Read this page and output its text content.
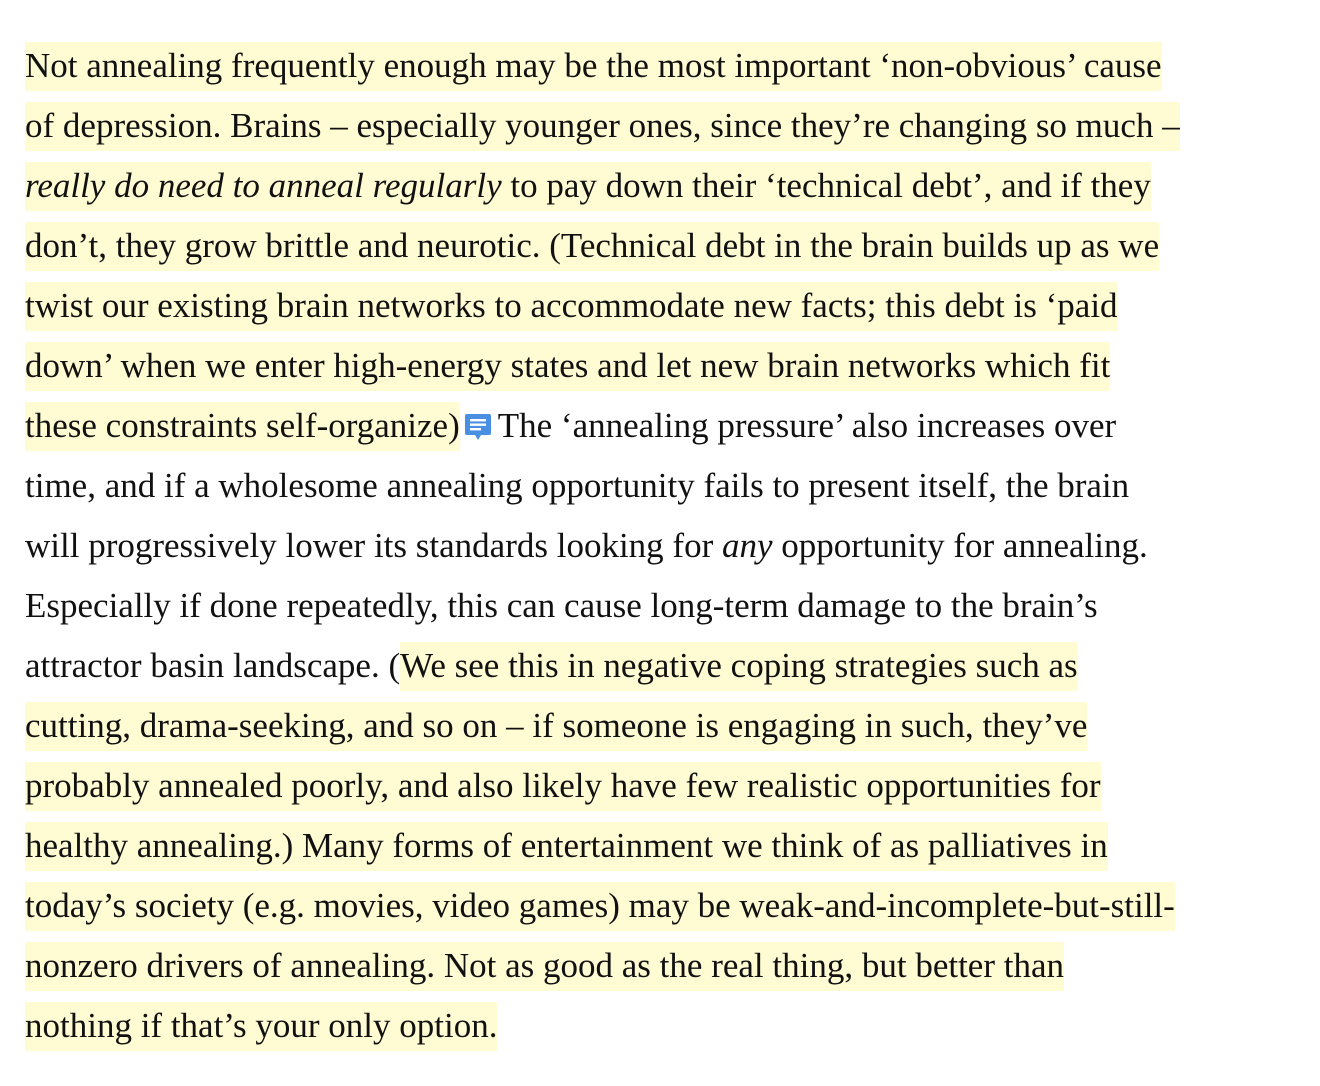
Not annealing frequently enough may be the most important ‘non-obvious’ cause
of depression. Brains – especially younger ones, since they’re changing so much –
really do need to anneal regularly to pay down their ‘technical debt’, and if they
don’t, they grow brittle and neurotic. (Technical debt in the brain builds up as we
twist our existing brain networks to accommodate new facts; this debt is ‘paid
down’ when we enter high-energy states and let new brain networks which fit
these constraints self-organize) The ‘annealing pressure’ also increases over
time, and if a wholesome annealing opportunity fails to present itself, the brain
will progressively lower its standards looking for any opportunity for annealing.
Especially if done repeatedly, this can cause long-term damage to the brain’s
attractor basin landscape. (We see this in negative coping strategies such as
cutting, drama-seeking, and so on – if someone is engaging in such, they’ve
probably annealed poorly, and also likely have few realistic opportunities for
healthy annealing.) Many forms of entertainment we think of as palliatives in
today’s society (e.g. movies, video games) may be weak-and-incomplete-but-still-
nonzero drivers of annealing. Not as good as the real thing, but better than
nothing if that’s your only option.
